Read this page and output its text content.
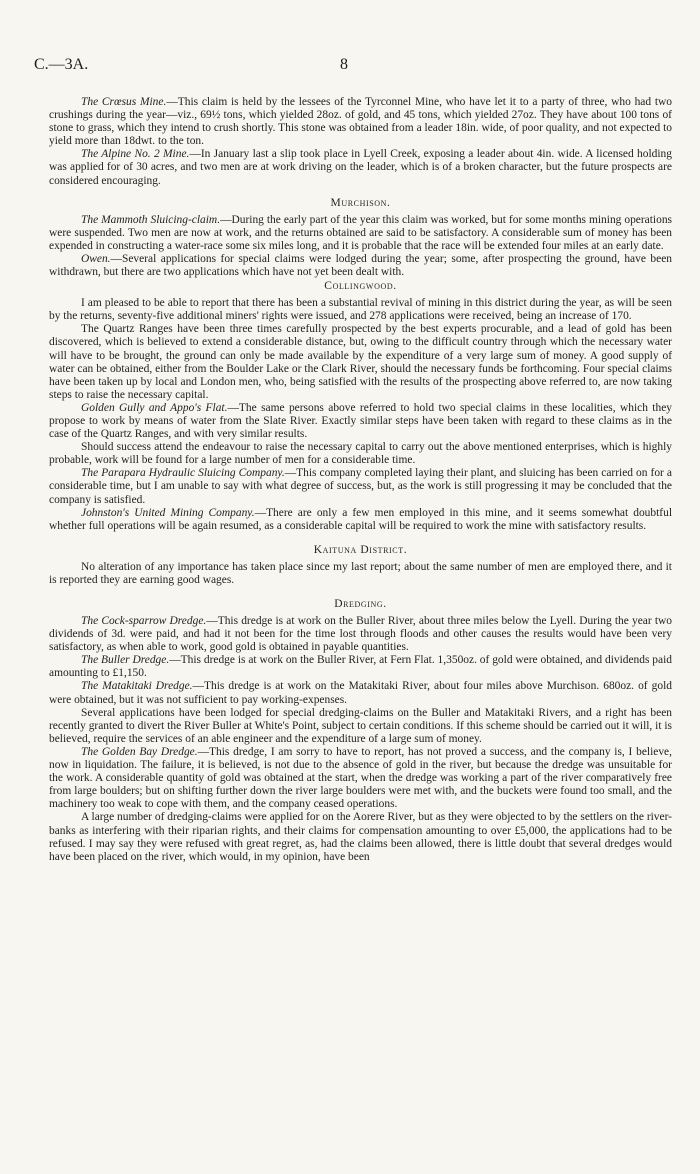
C.—3A.	8

The Crœsus Mine.—This claim is held by the lessees of the Tyrconnel Mine, who have let it to a party of three, who had two crushings during the year—viz., 69½ tons, which yielded 28oz. of gold, and 45 tons, which yielded 27oz. They have about 100 tons of stone to grass, which they intend to crush shortly. This stone was obtained from a leader 18in. wide, of poor quality, and not expected to yield more than 18dwt. to the ton.

The Alpine No. 2 Mine.—In January last a slip took place in Lyell Creek, exposing a leader about 4in. wide. A licensed holding was applied for of 30 acres, and two men are at work driving on the leader, which is of a broken character, but the future prospects are considered encouraging.

Murchison.

The Mammoth Sluicing-claim.—During the early part of the year this claim was worked, but for some months mining operations were suspended. Two men are now at work, and the returns obtained are said to be satisfactory. A considerable sum of money has been expended in constructing a water-race some six miles long, and it is probable that the race will be extended four miles at an early date.

Owen.—Several applications for special claims were lodged during the year; some, after prospecting the ground, have been withdrawn, but there are two applications which have not yet been dealt with.

Collingwood.

I am pleased to be able to report that there has been a substantial revival of mining in this district during the year, as will be seen by the returns, seventy-five additional miners' rights were issued, and 278 applications were received, being an increase of 170.

The Quartz Ranges have been three times carefully prospected by the best experts procurable, and a lead of gold has been discovered, which is believed to extend a considerable distance, but, owing to the difficult country through which the necessary water will have to be brought, the ground can only be made available by the expenditure of a very large sum of money. A good supply of water can be obtained, either from the Boulder Lake or the Clark River, should the necessary funds be forthcoming. Four special claims have been taken up by local and London men, who, being satisfied with the results of the prospecting above referred to, are now taking steps to raise the necessary capital.

Golden Gully and Appo's Flat.—The same persons above referred to hold two special claims in these localities, which they propose to work by means of water from the Slate River. Exactly similar steps have been taken with regard to these claims as in the case of the Quartz Ranges, and with very similar results.

Should success attend the endeavour to raise the necessary capital to carry out the above mentioned enterprises, which is highly probable, work will be found for a large number of men for a considerable time.

The Parapara Hydraulic Sluicing Company.—This company completed laying their plant, and sluicing has been carried on for a considerable time, but I am unable to say with what degree of success, but, as the work is still progressing it may be concluded that the company is satisfied.

Johnston's United Mining Company.—There are only a few men employed in this mine, and it seems somewhat doubtful whether full operations will be again resumed, as a considerable capital will be required to work the mine with satisfactory results.

Kaituna District.

No alteration of any importance has taken place since my last report; about the same number of men are employed there, and it is reported they are earning good wages.

Dredging.

The Cock-sparrow Dredge.—This dredge is at work on the Buller River, about three miles below the Lyell. During the year two dividends of 3d. were paid, and had it not been for the time lost through floods and other causes the results would have been very satisfactory, as when able to work, good gold is obtained in payable quantities.

The Buller Dredge.—This dredge is at work on the Buller River, at Fern Flat. 1,350oz. of gold were obtained, and dividends paid amounting to £1,150.

The Matakitaki Dredge.—This dredge is at work on the Matakitaki River, about four miles above Murchison. 680oz. of gold were obtained, but it was not sufficient to pay working-expenses.

Several applications have been lodged for special dredging-claims on the Buller and Matakitaki Rivers, and a right has been recently granted to divert the River Buller at White's Point, subject to certain conditions. If this scheme should be carried out it will, it is believed, require the services of an able engineer and the expenditure of a large sum of money.

The Golden Bay Dredge.—This dredge, I am sorry to have to report, has not proved a success, and the company is, I believe, now in liquidation. The failure, it is believed, is not due to the absence of gold in the river, but because the dredge was unsuitable for the work. A considerable quantity of gold was obtained at the start, when the dredge was working a part of the river comparatively free from large boulders; but on shifting further down the river large boulders were met with, and the buckets were found too small, and the machinery too weak to cope with them, and the company ceased operations.

A large number of dredging-claims were applied for on the Aorere River, but as they were objected to by the settlers on the river-banks as interfering with their riparian rights, and their claims for compensation amounting to over £5,000, the applications had to be refused. I may say they were refused with great regret, as, had the claims been allowed, there is little doubt that several dredges would have been placed on the river, which would, in my opinion, have been
